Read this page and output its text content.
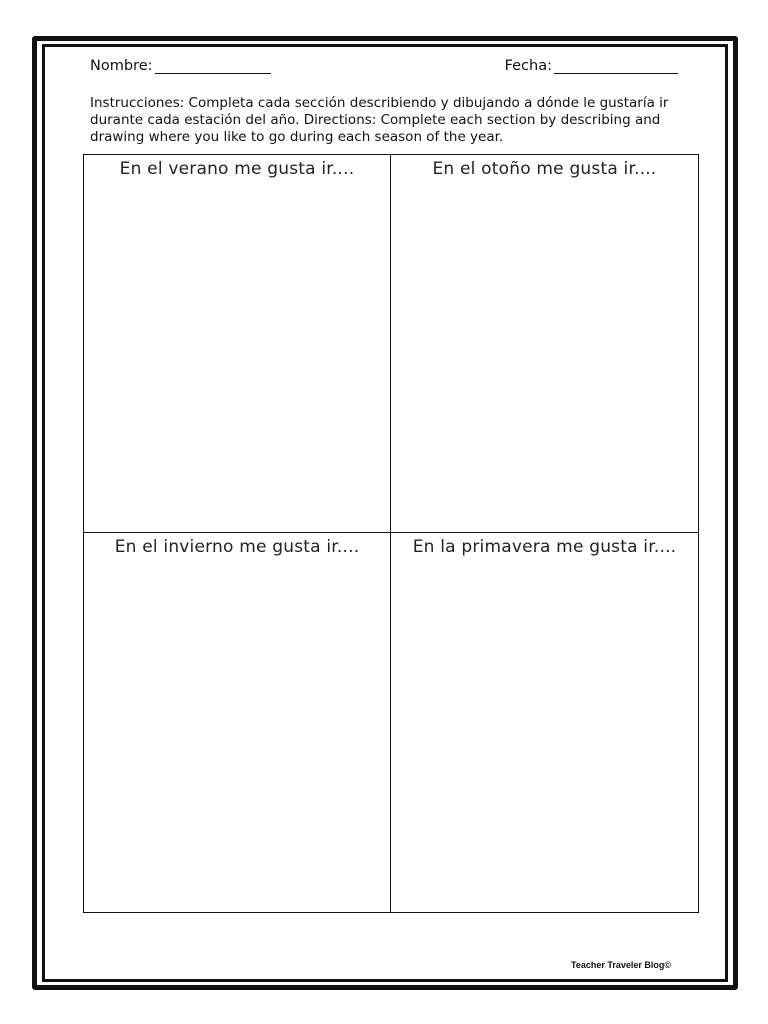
Nombre:	Fecha:
Instrucciones: Completa cada sección describiendo y dibujando a dónde le gustaría ir durante cada estación del año. Directions: Complete each section by describing and drawing where you like to go during each season of the year.
En el verano me gusta ir....	En el otoño me gusta ir....
En el invierno me gusta ir....	En la primavera me gusta ir....
Teacher Traveler Blog©
